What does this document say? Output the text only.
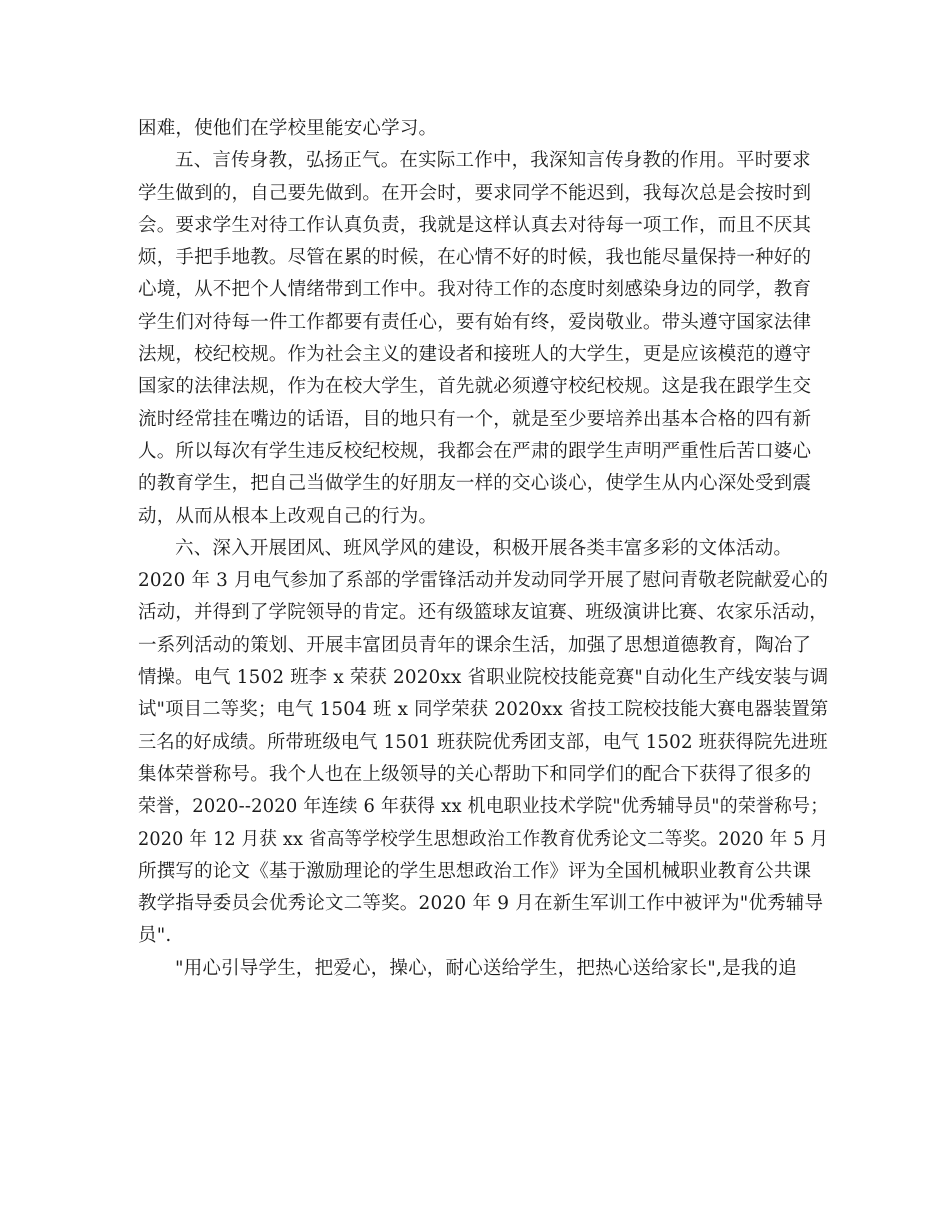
困难，使他们在学校里能安心学习。
五、言传身教，弘扬正气。在实际工作中，我深知言传身教的作用。平时要求
学生做到的，自己要先做到。在开会时，要求同学不能迟到，我每次总是会按时到
会。要求学生对待工作认真负责，我就是这样认真去对待每一项工作，而且不厌其
烦，手把手地教。尽管在累的时候，在心情不好的时候，我也能尽量保持一种好的
心境，从不把个人情绪带到工作中。我对待工作的态度时刻感染身边的同学，教育
学生们对待每一件工作都要有责任心，要有始有终，爱岗敬业。带头遵守国家法律
法规，校纪校规。作为社会主义的建设者和接班人的大学生，更是应该模范的遵守
国家的法律法规，作为在校大学生，首先就必须遵守校纪校规。这是我在跟学生交
流时经常挂在嘴边的话语，目的地只有一个，就是至少要培养出基本合格的四有新
人。所以每次有学生违反校纪校规，我都会在严肃的跟学生声明严重性后苦口婆心
的教育学生，把自己当做学生的好朋友一样的交心谈心，使学生从内心深处受到震
动，从而从根本上改观自己的行为。
六、深入开展团风、班风学风的建设，积极开展各类丰富多彩的文体活动。
2020 年 3 月电气参加了系部的学雷锋活动并发动同学开展了慰问青敬老院献爱心的
活动，并得到了学院领导的肯定。还有级篮球友谊赛、班级演讲比赛、农家乐活动，
一系列活动的策划、开展丰富团员青年的课余生活，加强了思想道德教育，陶冶了
情操。电气 1502 班李 x 荣获 2020xx 省职业院校技能竞赛"自动化生产线安装与调
试"项目二等奖；电气 1504 班 x 同学荣获 2020xx 省技工院校技能大赛电器装置第
三名的好成绩。所带班级电气 1501 班获院优秀团支部，电气 1502 班获得院先进班
集体荣誉称号。我个人也在上级领导的关心帮助下和同学们的配合下获得了很多的
荣誉，2020--2020 年连续 6 年获得 xx 机电职业技术学院"优秀辅导员"的荣誉称号；
2020 年 12 月获 xx 省高等学校学生思想政治工作教育优秀论文二等奖。2020 年 5 月
所撰写的论文《基于激励理论的学生思想政治工作》评为全国机械职业教育公共课
教学指导委员会优秀论文二等奖。2020 年 9 月在新生军训工作中被评为"优秀辅导
员".
"用心引导学生，把爱心，操心，耐心送给学生，把热心送给家长",是我的追
